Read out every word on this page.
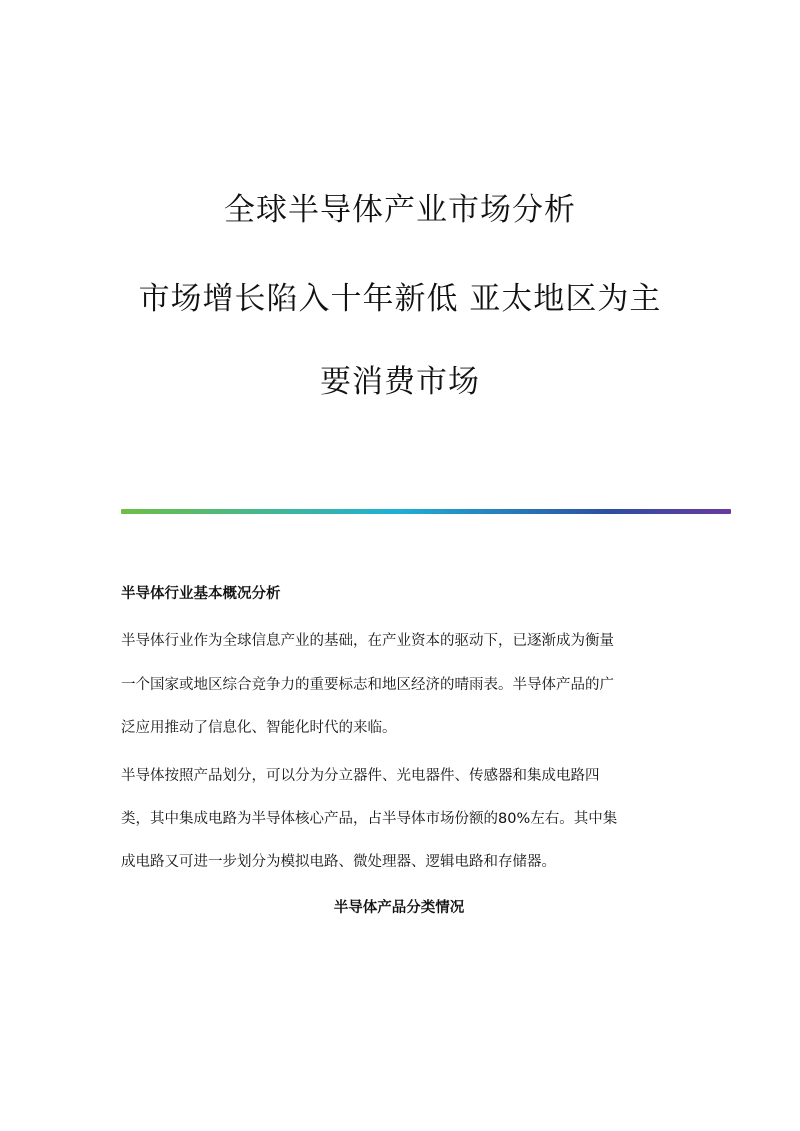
全球半导体产业市场分析
市场增长陷入十年新低 亚太地区为主
要消费市场
半导体行业基本概况分析
半导体行业作为全球信息产业的基础，在产业资本的驱动下，已逐渐成为衡量
一个国家或地区综合竞争力的重要标志和地区经济的晴雨表。半导体产品的广
泛应用推动了信息化、智能化时代的来临。
半导体按照产品划分，可以分为分立器件、光电器件、传感器和集成电路四
类，其中集成电路为半导体核心产品，占半导体市场份额的80%左右。其中集
成电路又可进一步划分为模拟电路、微处理器、逻辑电路和存储器。
半导体产品分类情况
